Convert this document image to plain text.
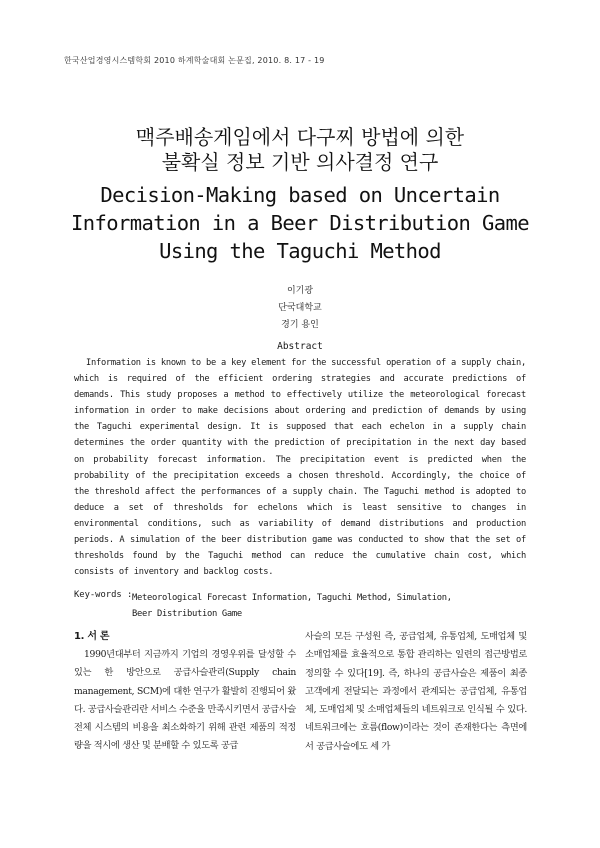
한국산업경영시스템학회 2010 하계학술대회 논문집, 2010. 8. 17 - 19
맥주배송게임에서 다구찌 방법에 의한
불확실 정보 기반 의사결정 연구
Decision-Making based on Uncertain
Information in a Beer Distribution Game
Using the Taguchi Method
이기광
단국대학교
경기 용인
Abstract

Information is known to be a key element for the successful operation of a supply chain, which is required of the efficient ordering strategies and accurate predictions of demands. This study proposes a method to effectively utilize the meteorological forecast information in order to make decisions about ordering and prediction of demands by using the Taguchi experimental design. It is supposed that each echelon in a supply chain determines the order quantity with the prediction of precipitation in the next day based on probability forecast information. The precipitation event is predicted when the probability of the precipitation exceeds a chosen threshold. Accordingly, the choice of the threshold affect the performances of a supply chain. The Taguchi method is adopted to deduce a set of thresholds for echelons which is least sensitive to changes in environmental conditions, such as variability of demand distributions and production periods. A simulation of the beer distribution game was conducted to show that the set of thresholds found by the Taguchi method can reduce the cumulative chain cost, which consists of inventory and backlog costs.

Key-words : Meteorological Forecast Information, Taguchi Method, Simulation,
Beer Distribution Game
1. 서 론

1990년대부터 지금까지 기업의 경영우위를 달성할 수 있는 한 방안으로 공급사슬관리(Supply chain management, SCM)에 대한 연구가 활발히 진행되어 왔다. 공급사슬관리란 서비스 수준을 만족시키면서 공급사슬 전체 시스템의 비용을 최소화하기 위해 관련 제품의 적정량을 적시에 생산 및 분배할 수 있도록 공급

사슬의 모든 구성원 즉, 공급업체, 유통업체, 도매업체 및 소매업체를 효율적으로 통합 관리하는 일련의 접근방법로 정의할 수 있다[19]. 즉, 하나의 공급사슬은 제품이 최종 고객에게 전달되는 과정에서 관계되는 공급업체, 유통업체, 도매업체 및 소매업체들의 네트워크로 인식될 수 있다. 네트워크에는 흐름(flow)이라는 것이 존재한다는 측면에서 공급사슬에도 세 가
